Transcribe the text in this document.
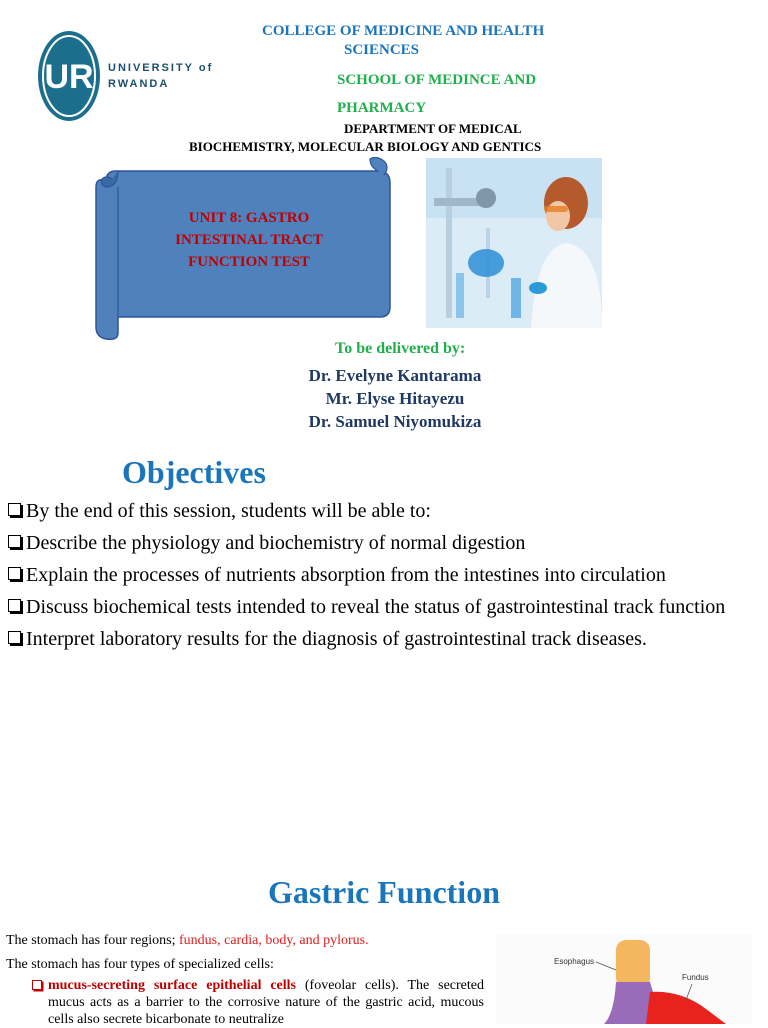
UR UNIVERSITY of
RWANDA
COLLEGE OF MEDICINE AND HEALTH
SCIENCES
SCHOOL OF MEDINCE AND
PHARMACY
DEPARTMENT OF MEDICAL
BIOCHEMISTRY, MOLECULAR BIOLOGY AND GENTICS
UNIT 8: GASTRO
INTESTINAL TRACT
FUNCTION TEST
To be delivered by:
Dr. Evelyne Kantarama
Mr. Elyse Hitayezu
Dr. Samuel Niyomukiza
Objectives
By the end of this session, students will be able to:
Describe the physiology and biochemistry of normal digestion
Explain the processes of nutrients absorption from the intestines into circulation
Discuss biochemical tests intended to reveal the status of gastrointestinal track function
Interpret laboratory results for the diagnosis of gastrointestinal track diseases.
Gastric Function
The stomach has four regions; fundus, cardia, body, and pylorus.
The stomach has four types of specialized cells:
mucus-secreting surface epithelial cells (foveolar cells). The secreted mucus acts as a barrier to the corrosive nature of the gastric acid, mucous cells also secrete bicarbonate to neutralize
Esophagus
Fundus
